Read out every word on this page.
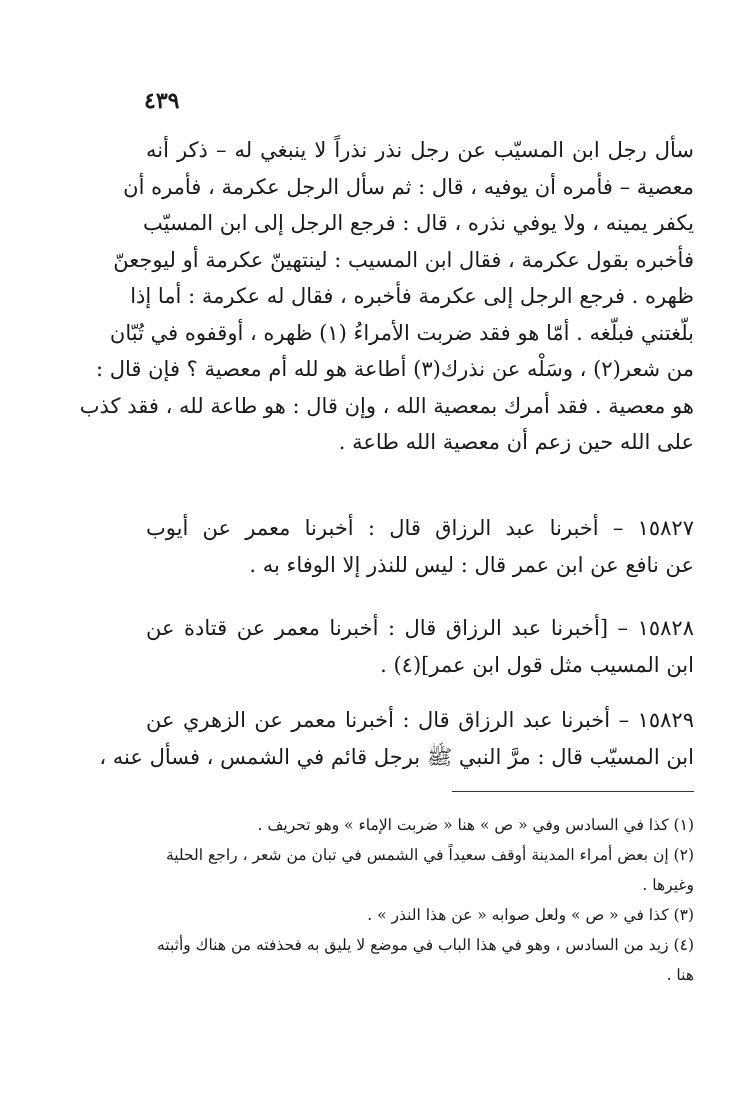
٤٣٩
سأل رجل ابن المسيّب عن رجل نذر نذراً لا ينبغي له – ذكر أنه
معصية – فأمره أن يوفيه ، قال : ثم سأل الرجل عكرمة ، فأمره أن
يكفر يمينه ، ولا يوفي نذره ، قال : فرجع الرجل إلى ابن المسيّب
فأخبره بقول عكرمة ، فقال ابن المسيب : لينتهينّ عكرمة أو ليوجعنّ
ظهره . فرجع الرجل إلى عكرمة فأخبره ، فقال له عكرمة : أما إذا
بلّغتني فبلّغه . أمّا هو فقد ضربت الأمراءُ (١) ظهره ، أوقفوه في تُبّان
من شعر(٢) ، وسَلْه عن نذرك(٣) أطاعة هو لله أم معصية ؟ فإن قال :
هو معصية . فقد أمرك بمعصية الله ، وإن قال : هو طاعة لله ، فقد كذب
على الله حين زعم أن معصية الله طاعة .
١٥٨٢٧ – أخبرنا عبد الرزاق قال : أخبرنا معمر عن أيوب
عن نافع عن ابن عمر قال : ليس للنذر إلا الوفاء به .
١٥٨٢٨ – [أخبرنا عبد الرزاق قال : أخبرنا معمر عن قتادة عن
ابن المسيب مثل قول ابن عمر](٤) .
١٥٨٢٩ – أخبرنا عبد الرزاق قال : أخبرنا معمر عن الزهري عن
ابن المسيّب قال : مرَّ النبي ﷺ برجل قائم في الشمس ، فسأل عنه ،
(١) كذا في السادس وفي « ص » هنا « ضربت الإماء » وهو تحريف .
(٢) إن بعض أمراء المدينة أوقف سعيداً في الشمس في تبان من شعر ، راجع الحلية
وغيرها .
(٣) كذا في « ص » ولعل صوابه « عن هذا النذر » .
(٤) زيد من السادس ، وهو في هذا الباب في موضع لا يليق به فحذفته من هناك وأثبته
هنا .
